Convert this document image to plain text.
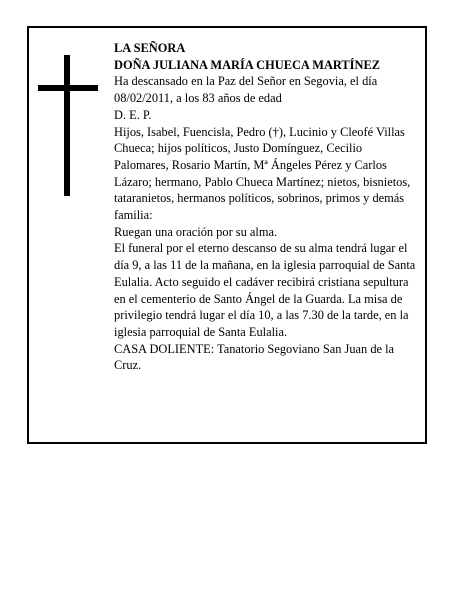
LA SEÑORA

DOÑA JULIANA MARÍA CHUECA MARTÍNEZ

Ha descansado en la Paz del Señor en Segovia, el día 08/02/2011, a los 83 años de edad

D. E. P.

Hijos, Isabel, Fuencisla, Pedro (†), Lucinio y Cleofé Villas Chueca; hijos políticos, Justo Domínguez, Cecilio Palomares, Rosario Martín, Mª Ángeles Pérez y Carlos Lázaro; hermano, Pablo Chueca Martínez; nietos, bisnietos, tataranietos, hermanos políticos, sobrinos, primos y demás familia:

Ruegan una oración por su alma.

El funeral por el eterno descanso de su alma tendrá lugar el día 9, a las 11 de la mañana, en la iglesia parroquial de Santa Eulalia. Acto seguido el cadáver recibirá cristiana sepultura en el cementerio de Santo Ángel de la Guarda. La misa de privilegio tendrá lugar el día 10, a las 7.30 de la tarde, en la iglesia parroquial de Santa Eulalia.

CASA DOLIENTE: Tanatorio Segoviano San Juan de la Cruz.
